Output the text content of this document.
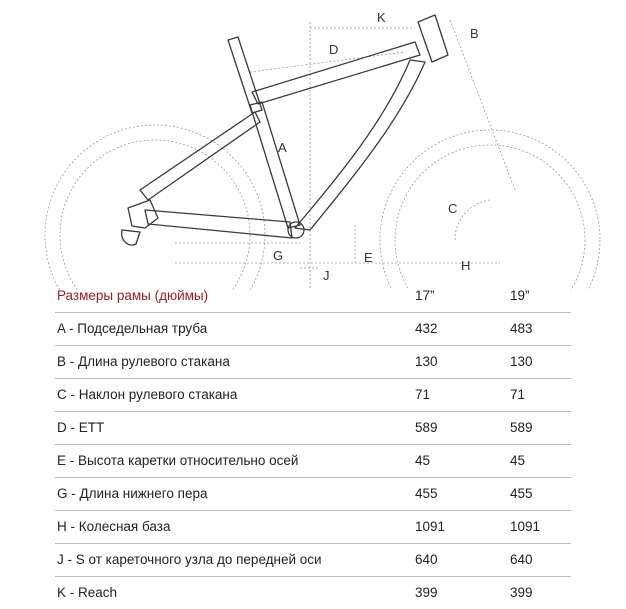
K
B
D
A
C
G	E
H
J
Размеры рамы (дюймы)	17”	19”
A - Подседельная труба	432	483
B - Длина рулевого стакана	130	130
C - Наклон рулевого стакана	71	71
D - ETT	589	589
E - Высота каретки относительно осей	45	45
G - Длина нижнего пера	455	455
H - Колесная база	1091	1091
J - S от кареточного узла до передней оси	640	640
K - Reach	399	399
